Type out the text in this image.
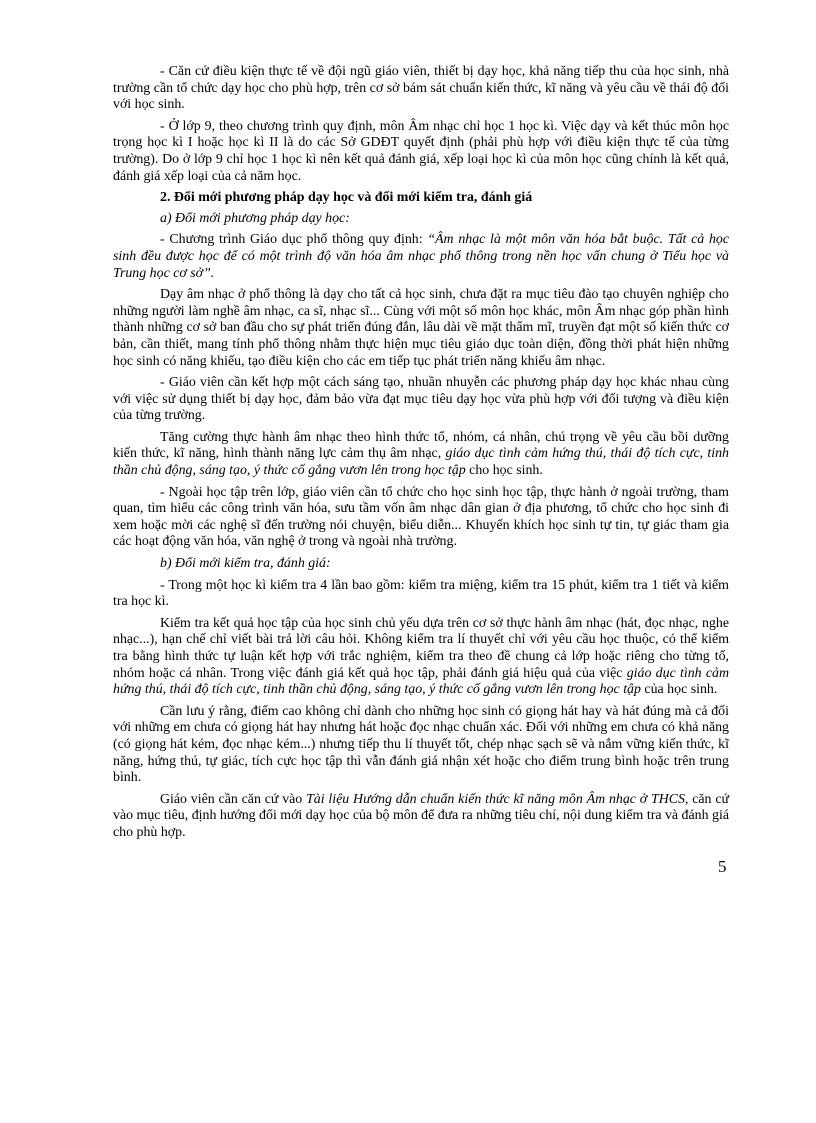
- Căn cứ điều kiện thực tế về đội ngũ giáo viên, thiết bị dạy học, khả năng tiếp thu của học sinh, nhà trường cần tổ chức dạy học cho phù hợp, trên cơ sở bám sát chuẩn kiến thức, kĩ năng và yêu cầu về thái độ đối với học sinh.

- Ở lớp 9, theo chương trình quy định, môn Âm nhạc chỉ học 1 học kì. Việc dạy và kết thúc môn học trọng học kì I hoặc học kì II là do các Sở GDĐT quyết định (phải phù hợp với điều kiện thực tế của từng trường). Do ở lớp 9 chỉ học 1 học kì nên kết quả đánh giá, xếp loại học kì của môn học cũng chính là kết quả, đánh giá xếp loại của cả năm học.

2. Đổi mới phương pháp dạy học và đổi mới kiểm tra, đánh giá

a) Đổi mới phương pháp dạy học:

- Chương trình Giáo dục phổ thông quy định: “Âm nhạc là một môn văn hóa bắt buộc. Tất cả học sinh đều được học để có một trình độ văn hóa âm nhạc phổ thông trong nền học vấn chung ở Tiểu học và Trung học cơ sở”.

Dạy âm nhạc ở phổ thông là dạy cho tất cả học sinh, chưa đặt ra mục tiêu đào tạo chuyên nghiệp cho những người làm nghề âm nhạc, ca sĩ, nhạc sĩ... Cùng với một số môn học khác, môn Âm nhạc góp phần hình thành những cơ sở ban đầu cho sự phát triển đúng đắn, lâu dài về mặt thẩm mĩ, truyền đạt một số kiến thức cơ bản, cần thiết, mang tính phổ thông nhằm thực hiện mục tiêu giáo dục toàn diện, đồng thời phát hiện những học sinh có năng khiếu, tạo điều kiện cho các em tiếp tục phát triển năng khiếu âm nhạc.

- Giáo viên cần kết hợp một cách sáng tạo, nhuần nhuyễn các phương pháp dạy học khác nhau cùng với việc sử dụng thiết bị dạy học, đảm bảo vừa đạt mục tiêu dạy học vừa phù hợp với đối tượng và điều kiện của từng trường.

Tăng cường thực hành âm nhạc theo hình thức tổ, nhóm, cá nhân, chú trọng về yêu cầu bồi dưỡng kiến thức, kĩ năng, hình thành năng lực cảm thụ âm nhạc, giáo dục tình cảm hứng thú, thái độ tích cực, tinh thần chủ động, sáng tạo, ý thức cố gắng vươn lên trong học tập cho học sinh.

- Ngoài học tập trên lớp, giáo viên cần tổ chức cho học sinh học tập, thực hành ở ngoài trường, tham quan, tìm hiểu các công trình văn hóa, sưu tầm vốn âm nhạc dân gian ở địa phương, tổ chức cho học sinh đi xem hoặc mời các nghệ sĩ đến trường nói chuyện, biểu diễn... Khuyến khích học sinh tự tin, tự giác tham gia các hoạt động văn hóa, văn nghệ ở trong và ngoài nhà trường.

b) Đổi mới kiểm tra, đánh giá:

- Trong một học kì kiểm tra 4 lần bao gồm: kiểm tra miệng, kiểm tra 15 phút, kiểm tra 1 tiết và kiểm tra học kì.

Kiểm tra kết quả học tập của học sinh chủ yếu dựa trên cơ sở thực hành âm nhạc (hát, đọc nhạc, nghe nhạc...), hạn chế chỉ viết bài trả lời câu hỏi. Không kiểm tra lí thuyết chỉ với yêu cầu học thuộc, có thể kiểm tra bằng hình thức tự luận kết hợp với trắc nghiệm, kiểm tra theo đề chung cả lớp hoặc riêng cho từng tổ, nhóm hoặc cá nhân. Trong việc đánh giá kết quả học tập, phải đánh giá hiệu quả của việc giáo dục tình cảm hứng thú, thái độ tích cực, tinh thần chủ động, sáng tạo, ý thức cố gắng vươn lên trong học tập của học sinh.

Cần lưu ý rằng, điểm cao không chỉ dành cho những học sinh có giọng hát hay và hát đúng mà cả đối với những em chưa có giọng hát hay nhưng hát hoặc đọc nhạc chuẩn xác. Đối với những em chưa có khả năng (có giọng hát kém, đọc nhạc kém...) nhưng tiếp thu lí thuyết tốt, chép nhạc sạch sẽ và nắm vững kiến thức, kĩ năng, hứng thú, tự giác, tích cực học tập thì vẫn đánh giá nhận xét hoặc cho điểm trung bình hoặc trên trung bình.

Giáo viên cần căn cứ vào Tài liệu Hướng dẫn chuẩn kiến thức kĩ năng môn Âm nhạc ở THCS, căn cứ vào mục tiêu, định hướng đổi mới dạy học của bộ môn để đưa ra những tiêu chí, nội dung kiểm tra và đánh giá cho phù hợp.

5
